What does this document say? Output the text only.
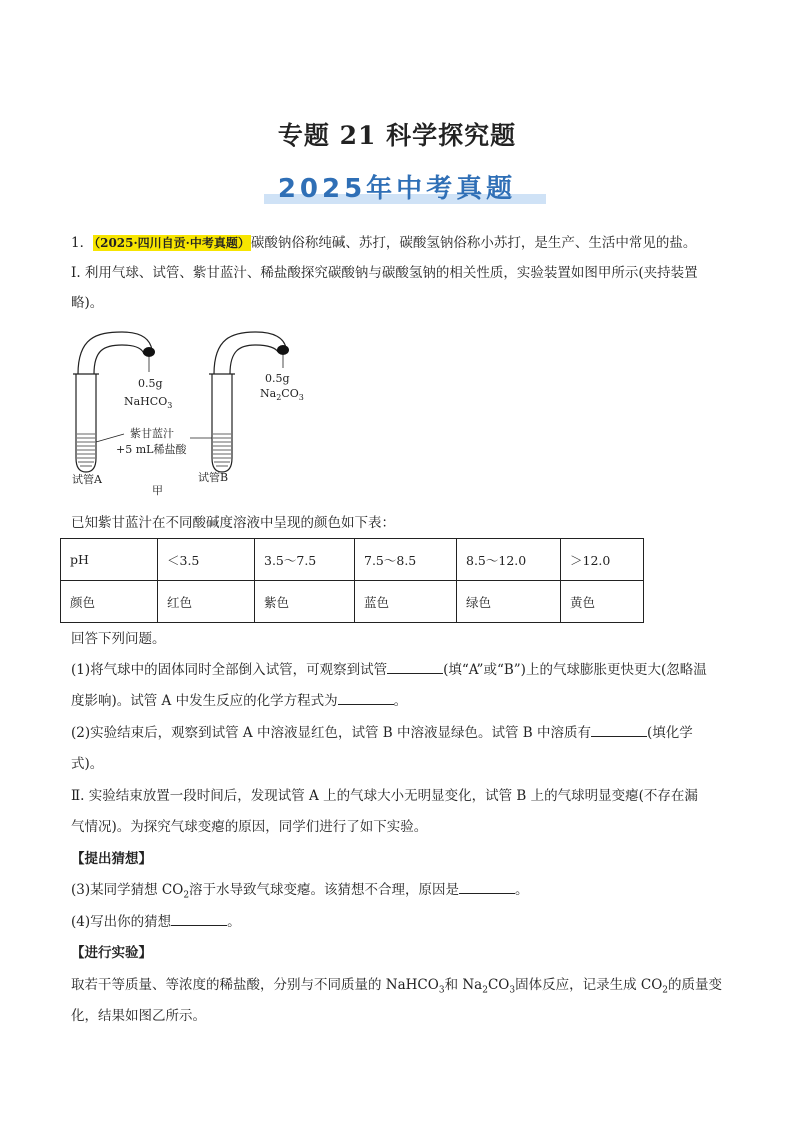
专题 21 科学探究题
2025年中考真题

1．（2025·四川自贡·中考真题）碳酸钠俗称纯碱、苏打，碳酸氢钠俗称小苏打，是生产、生活中常见的盐。

Ⅰ. 利用气球、试管、紫甘蓝汁、稀盐酸探究碳酸钠与碳酸氢钠的相关性质，实验装置如图甲所示(夹持装置

略)。

0.5g
NaHCO$_3$
0.5g
$Na_2CO_3$
紫甘蓝汁
+5 mL稀盐酸
试管A	试管B
甲

已知紫甘蓝汁在不同酸碱度溶液中呈现的颜色如下表：

pH	＜3.5	3.5～7.5	7.5～8.5	8.5～12.0	＞12.0
颜色	红色	紫色	蓝色	绿色	黄色

回答下列问题。

(1)将气球中的固体同时全部倒入试管，可观察到试管	(填“A”或“B”)上的气球膨胀更快更大(忽略温

度影响)。试管 A 中发生反应的化学方程式为	。

(2)实验结束后，观察到试管 A 中溶液显红色，试管 B 中溶液显绿色。试管 B 中溶质有	(填化学

式)。

Ⅱ. 实验结束放置一段时间后，发现试管 A 上的气球大小无明显变化，试管 B 上的气球明显变瘪(不存在漏

气情况)。为探究气球变瘪的原因，同学们进行了如下实验。

【提出猜想】

(3)某同学猜想 $CO_2$溶于水导致气球变瘪。该猜想不合理，原因是	。

(4)写出你的猜想	。

【进行实验】

取若干等质量、等浓度的稀盐酸，分别与不同质量的 NaHCO$_3$和 $Na_2CO_3$固体反应，记录生成 $CO_2$的质量变

化，结果如图乙所示。
